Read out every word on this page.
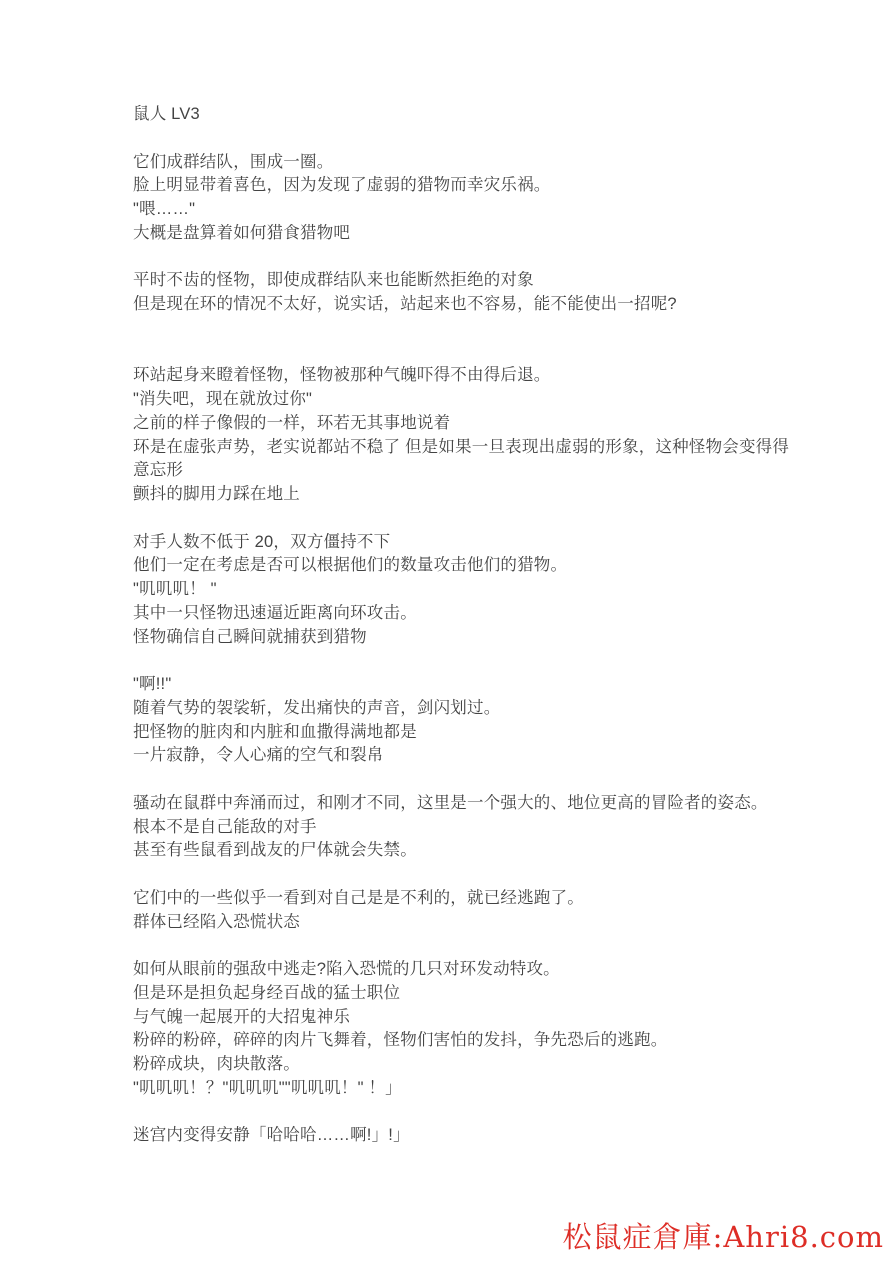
鼠人 LV3

它们成群结队，围成一圈。
脸上明显带着喜色，因为发现了虚弱的猎物而幸灾乐祸。
"喂……"
大概是盘算着如何猎食猎物吧

平时不齿的怪物，即使成群结队来也能断然拒绝的对象
但是现在环的情况不太好，说实话，站起来也不容易，能不能使出一招呢?

环站起身来瞪着怪物，怪物被那种气魄吓得不由得后退。
"消失吧，现在就放过你"
之前的样子像假的一样，环若无其事地说着
环是在虚张声势，老实说都站不稳了 但是如果一旦表现出虚弱的形象，这种怪物会变得得
意忘形
颤抖的脚用力踩在地上

对手人数不低于 20，双方僵持不下
他们一定在考虑是否可以根据他们的数量攻击他们的猎物。
"叽叽叽！ "
其中一只怪物迅速逼近距离向环攻击。
怪物确信自己瞬间就捕获到猎物

"啊!!"
随着气势的袈裟斩，发出痛快的声音，剑闪划过。
把怪物的脏肉和内脏和血撒得满地都是
一片寂静，令人心痛的空气和裂帛

骚动在鼠群中奔涌而过，和刚才不同，这里是一个强大的、地位更高的冒险者的姿态。
根本不是自己能敌的对手
甚至有些鼠看到战友的尸体就会失禁。

它们中的一些似乎一看到对自己是是不利的，就已经逃跑了。
群体已经陷入恐慌状态

如何从眼前的强敌中逃走?陷入恐慌的几只对环发动特攻。
但是环是担负起身经百战的猛士职位
与气魄一起展开的大招鬼神乐
粉碎的粉碎，碎碎的肉片飞舞着，怪物们害怕的发抖，争先恐后的逃跑。
粉碎成块，肉块散落。
"叽叽叽！？"叽叽叽""叽叽叽！" ！」

迷宫内变得安静「哈哈哈……啊!」!」
松鼠症倉庫:Ahri8.com
